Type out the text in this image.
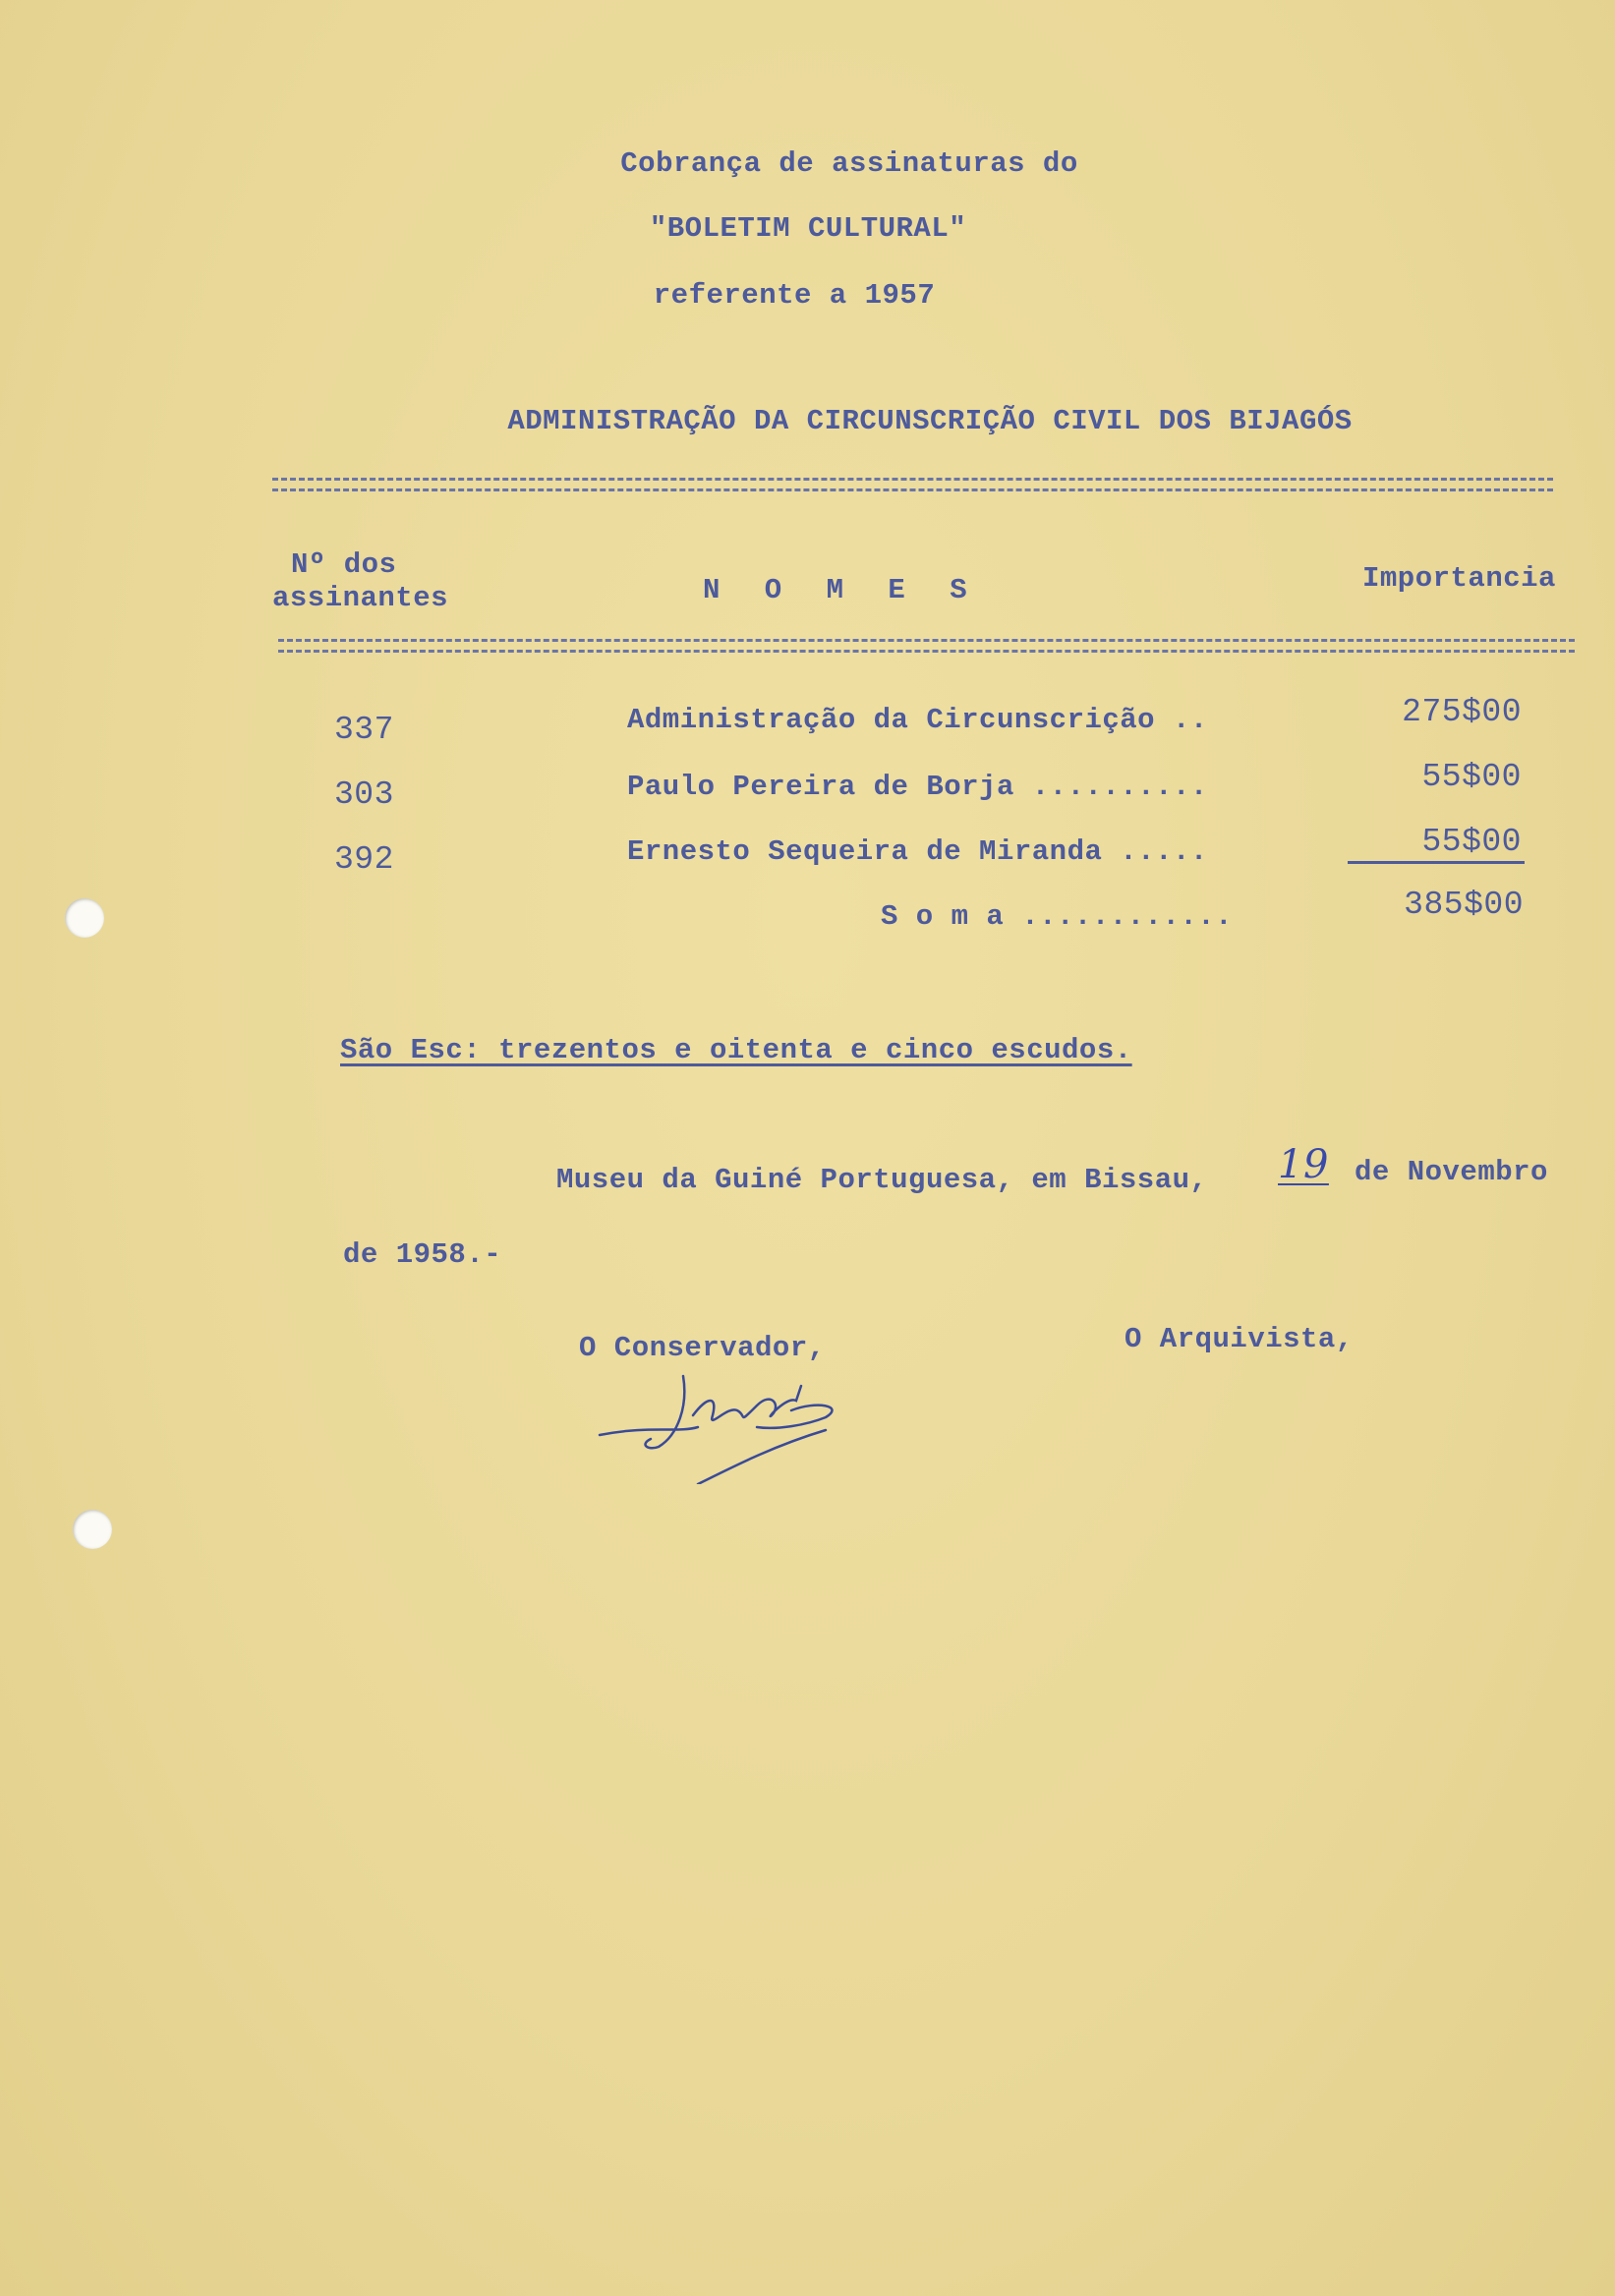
Cobrança de assinaturas do
"BOLETIM CULTURAL"
referente a 1957
ADMINISTRAÇÃO DA CIRCUNSCRIÇÃO CIVIL DOS BIJAGÓS
Nº dos
assinantes	N O M E S	Importancia
337	Administração da Circunscrição ..	275$00
303	Paulo Pereira de Borja ..........	55$00
392	Ernesto Sequeira de Miranda .....	55$00
S o m a ............	385$00
São Esc: trezentos e oitenta e cinco escudos.
Museu da Guiné Portuguesa, em Bissau, 19 de Novembro
de 1958.-
O Conservador,	O Arquivista,
